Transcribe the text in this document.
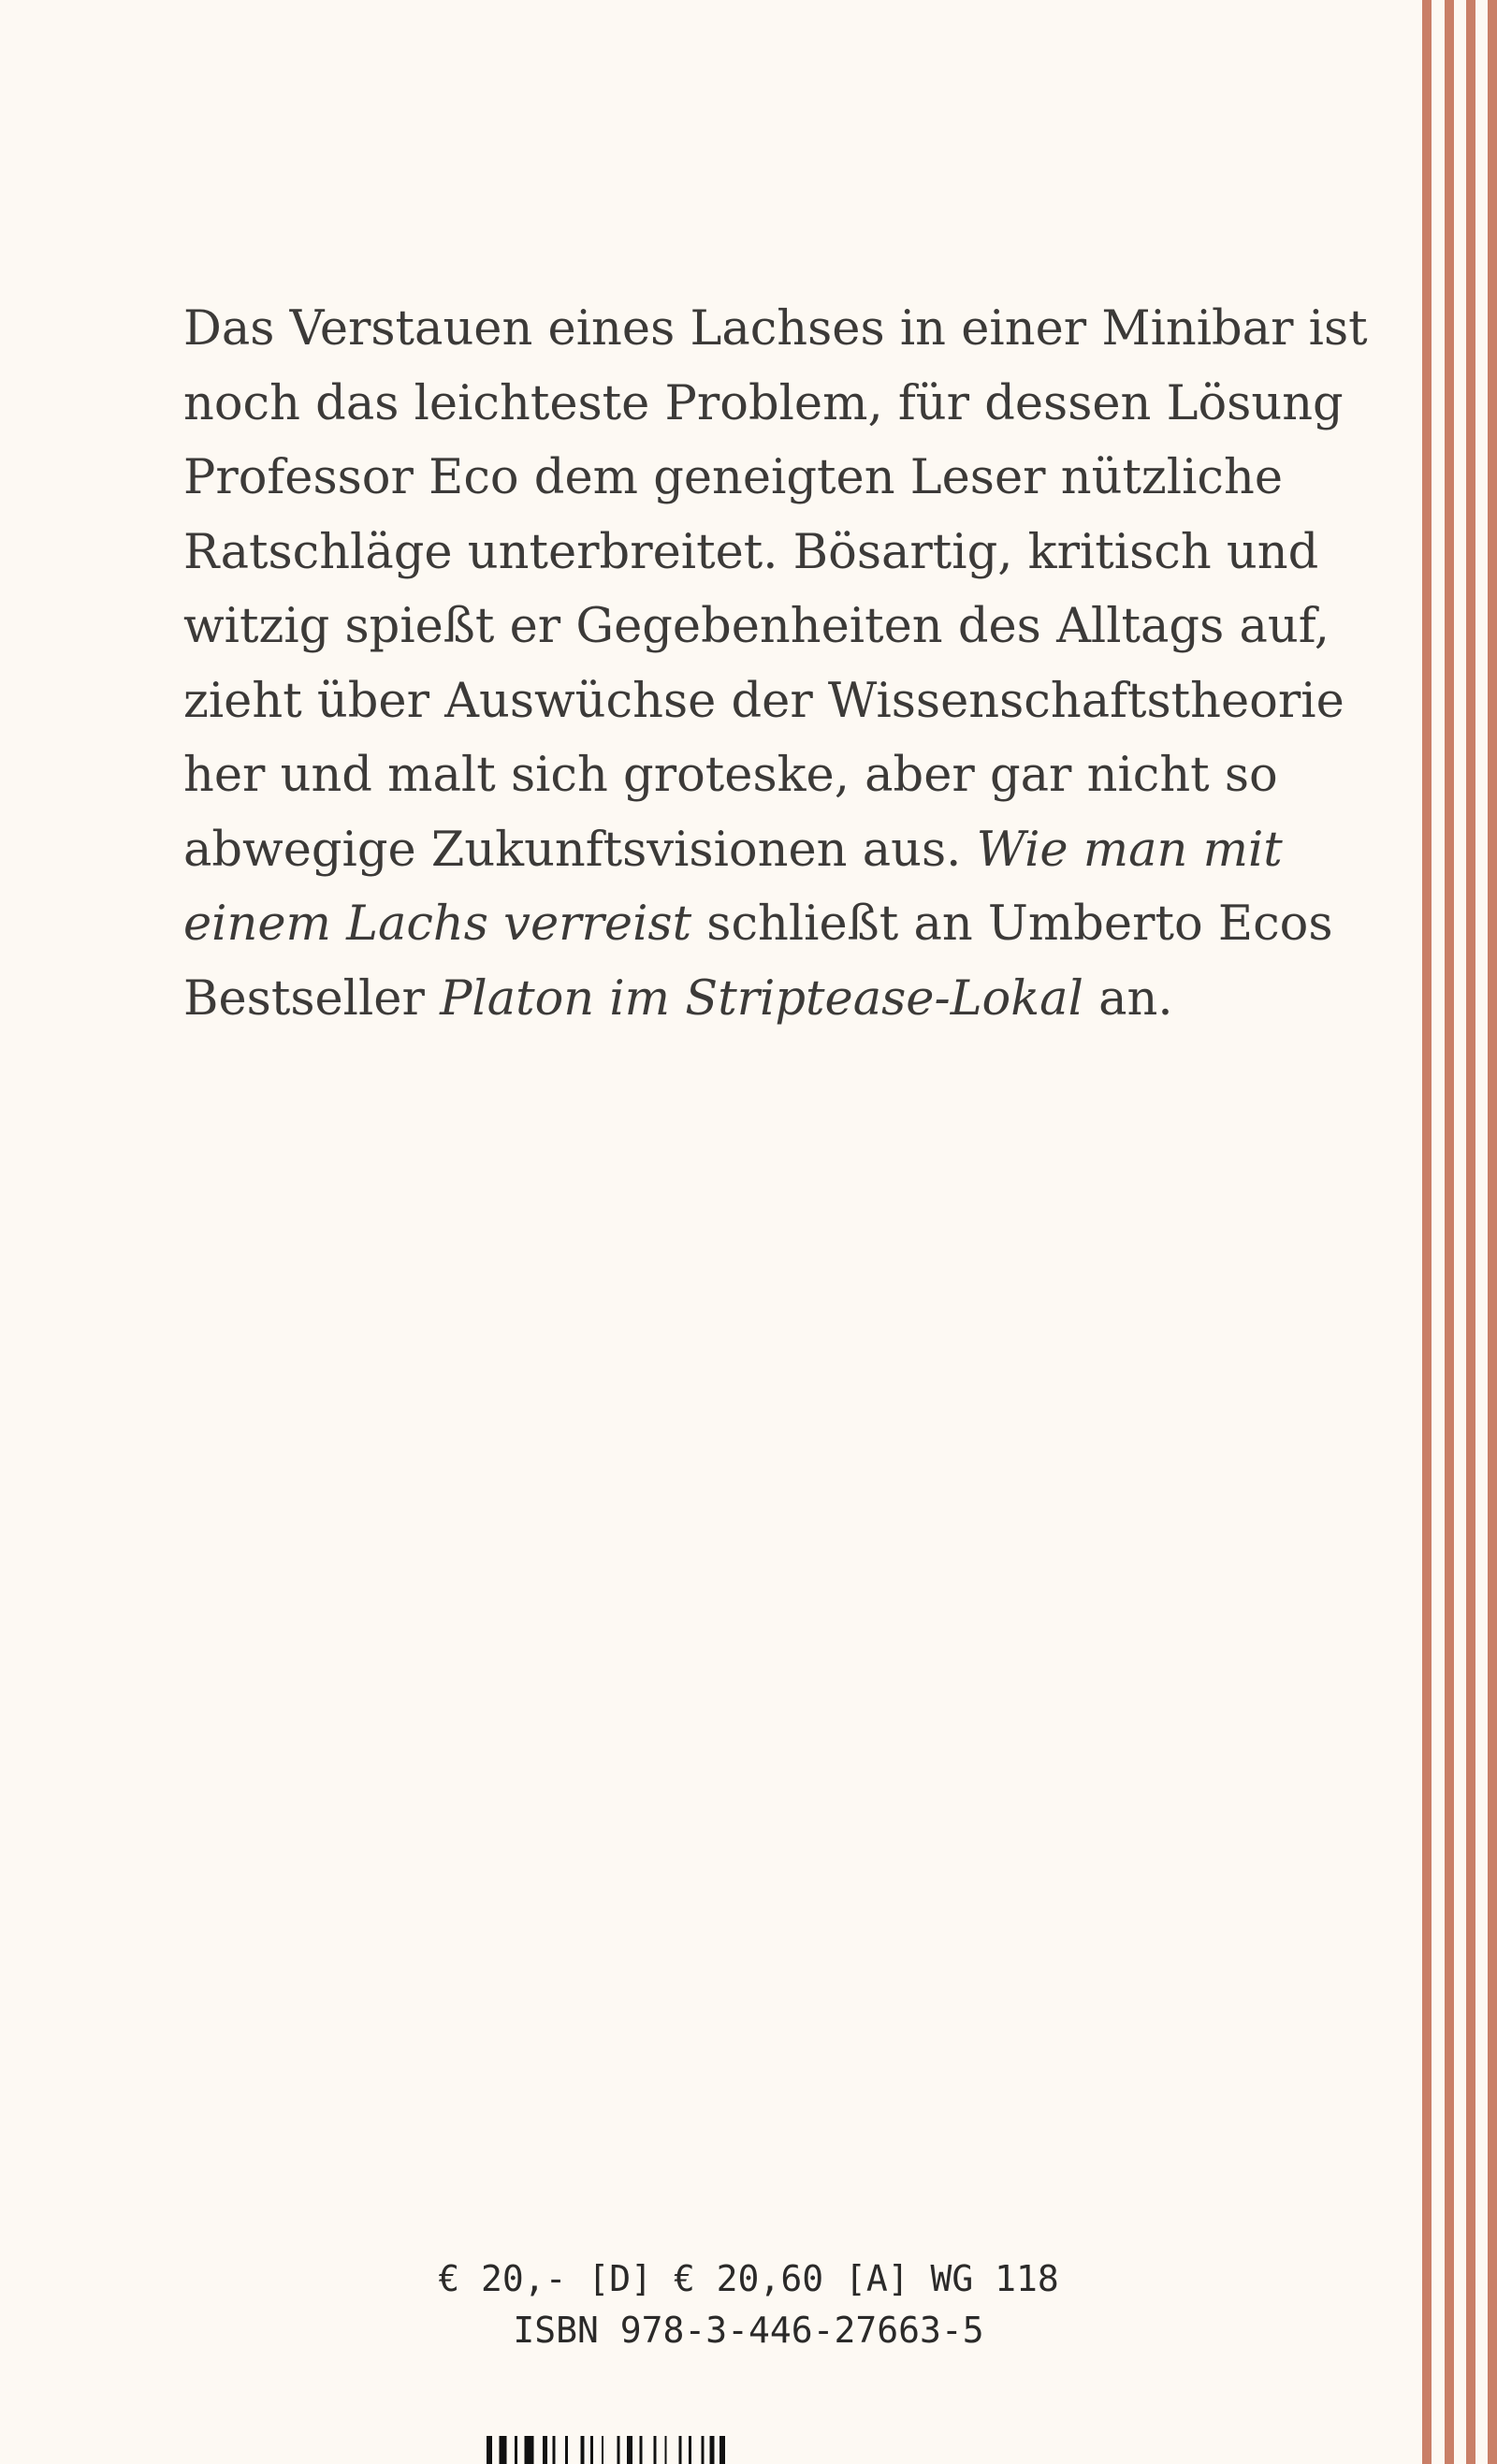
Das Verstauen eines Lachses in einer Minibar ist
noch das leichteste Problem, für dessen Lösung
Professor Eco dem geneigten Leser nützliche
Ratschläge unterbreitet. Bösartig, kritisch und
witzig spießt er Gegebenheiten des Alltags auf,
zieht über Auswüchse der Wissenschaftstheorie
her und malt sich groteske, aber gar nicht so
abwegige Zukunftsvisionen aus. Wie man mit
einem Lachs verreist schließt an Umberto Ecos
Bestseller Platon im Striptease-Lokal an.
€ 20,- [D] € 20,60 [A] WG 118
ISBN 978-3-446-27663-5
